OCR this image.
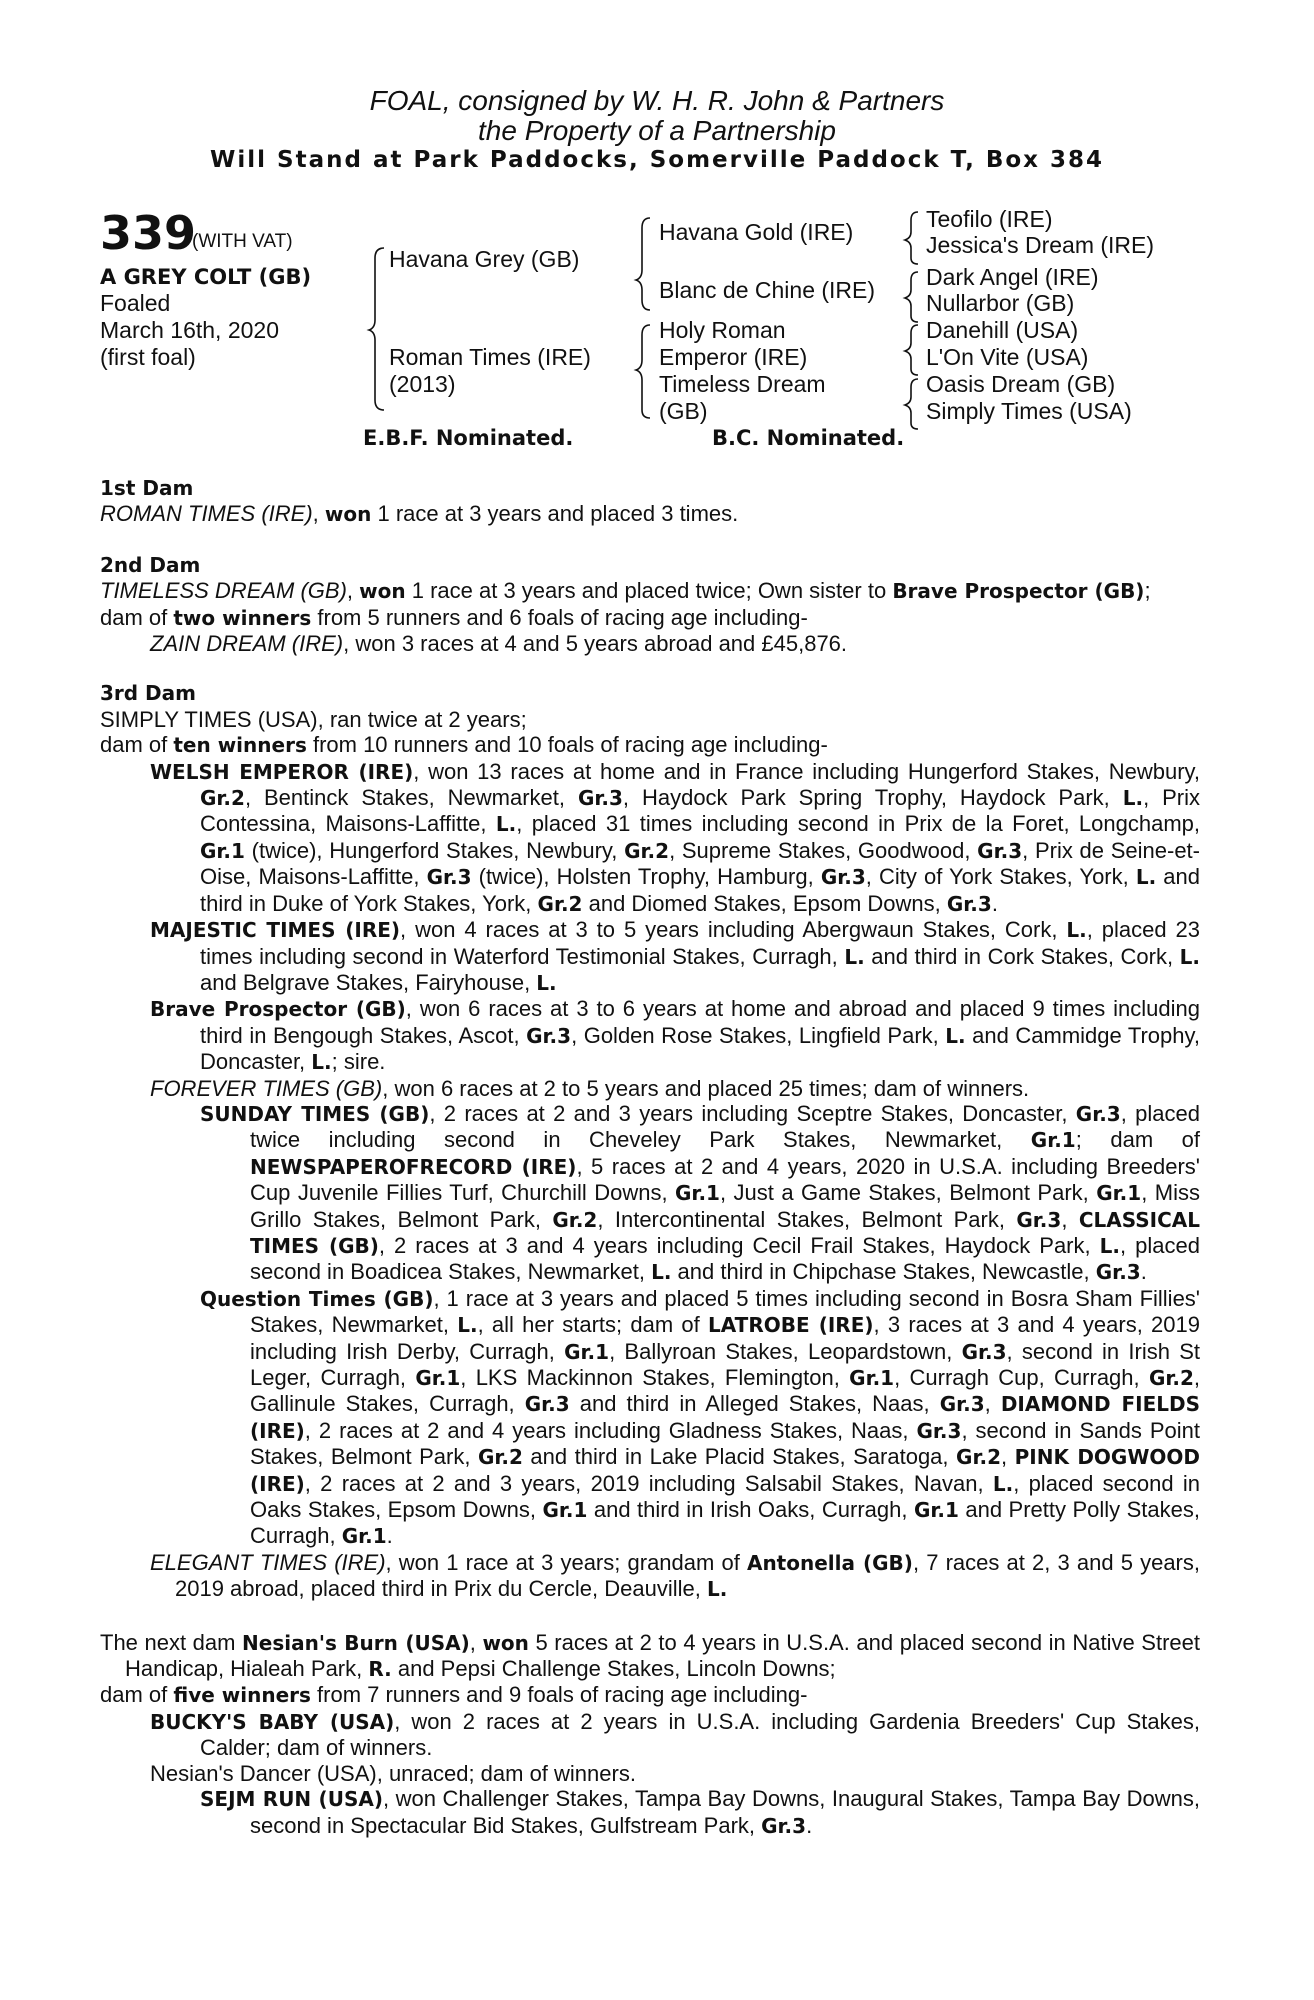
FOAL, consigned by W. H. R. John & Partners
the Property of a Partnership
Will Stand at Park Paddocks, Somerville Paddock T, Box 384
339
(WITH VAT)
A GREY COLT (GB)
Foaled
March 16th, 2020
(first foal)
Havana Grey (GB)
Roman Times (IRE)
(2013)
Havana Gold (IRE)
Blanc de Chine (IRE)
Holy Roman
Emperor (IRE)
Timeless Dream
(GB)
Teofilo (IRE)
Jessica's Dream (IRE)
Dark Angel (IRE)
Nullarbor (GB)
Danehill (USA)
L'On Vite (USA)
Oasis Dream (GB)
Simply Times (USA)
E.B.F. Nominated.	B.C. Nominated.
1st Dam
ROMAN TIMES (IRE), won 1 race at 3 years and placed 3 times.
2nd Dam
TIMELESS DREAM (GB), won 1 race at 3 years and placed twice; Own sister to Brave Prospector (GB);
dam of two winners from 5 runners and 6 foals of racing age including-
ZAIN DREAM (IRE), won 3 races at 4 and 5 years abroad and £45,876.
3rd Dam
SIMPLY TIMES (USA), ran twice at 2 years;
dam of ten winners from 10 runners and 10 foals of racing age including-
WELSH EMPEROR (IRE), won 13 races at home and in France including Hungerford Stakes, Newbury, Gr.2, Bentinck Stakes, Newmarket, Gr.3, Haydock Park Spring Trophy, Haydock Park, L., Prix Contessina, Maisons-Laffitte, L., placed 31 times including second in Prix de la Foret, Longchamp, Gr.1 (twice), Hungerford Stakes, Newbury, Gr.2, Supreme Stakes, Goodwood, Gr.3, Prix de Seine-et-Oise, Maisons-Laffitte, Gr.3 (twice), Holsten Trophy, Hamburg, Gr.3, City of York Stakes, York, L. and third in Duke of York Stakes, York, Gr.2 and Diomed Stakes, Epsom Downs, Gr.3.
MAJESTIC TIMES (IRE), won 4 races at 3 to 5 years including Abergwaun Stakes, Cork, L., placed 23 times including second in Waterford Testimonial Stakes, Curragh, L. and third in Cork Stakes, Cork, L. and Belgrave Stakes, Fairyhouse, L.
Brave Prospector (GB), won 6 races at 3 to 6 years at home and abroad and placed 9 times including third in Bengough Stakes, Ascot, Gr.3, Golden Rose Stakes, Lingfield Park, L. and Cammidge Trophy, Doncaster, L.; sire.
FOREVER TIMES (GB), won 6 races at 2 to 5 years and placed 25 times; dam of winners.
SUNDAY TIMES (GB), 2 races at 2 and 3 years including Sceptre Stakes, Doncaster, Gr.3, placed twice including second in Cheveley Park Stakes, Newmarket, Gr.1; dam of NEWSPAPEROFRECORD (IRE), 5 races at 2 and 4 years, 2020 in U.S.A. including Breeders' Cup Juvenile Fillies Turf, Churchill Downs, Gr.1, Just a Game Stakes, Belmont Park, Gr.1, Miss Grillo Stakes, Belmont Park, Gr.2, Intercontinental Stakes, Belmont Park, Gr.3, CLASSICAL TIMES (GB), 2 races at 3 and 4 years including Cecil Frail Stakes, Haydock Park, L., placed second in Boadicea Stakes, Newmarket, L. and third in Chipchase Stakes, Newcastle, Gr.3.
Question Times (GB), 1 race at 3 years and placed 5 times including second in Bosra Sham Fillies' Stakes, Newmarket, L., all her starts; dam of LATROBE (IRE), 3 races at 3 and 4 years, 2019 including Irish Derby, Curragh, Gr.1, Ballyroan Stakes, Leopardstown, Gr.3, second in Irish St Leger, Curragh, Gr.1, LKS Mackinnon Stakes, Flemington, Gr.1, Curragh Cup, Curragh, Gr.2, Gallinule Stakes, Curragh, Gr.3 and third in Alleged Stakes, Naas, Gr.3, DIAMOND FIELDS (IRE), 2 races at 2 and 4 years including Gladness Stakes, Naas, Gr.3, second in Sands Point Stakes, Belmont Park, Gr.2 and third in Lake Placid Stakes, Saratoga, Gr.2, PINK DOGWOOD (IRE), 2 races at 2 and 3 years, 2019 including Salsabil Stakes, Navan, L., placed second in Oaks Stakes, Epsom Downs, Gr.1 and third in Irish Oaks, Curragh, Gr.1 and Pretty Polly Stakes, Curragh, Gr.1.
ELEGANT TIMES (IRE), won 1 race at 3 years; grandam of Antonella (GB), 7 races at 2, 3 and 5 years, 2019 abroad, placed third in Prix du Cercle, Deauville, L.
The next dam Nesian's Burn (USA), won 5 races at 2 to 4 years in U.S.A. and placed second in Native Street Handicap, Hialeah Park, R. and Pepsi Challenge Stakes, Lincoln Downs;
dam of five winners from 7 runners and 9 foals of racing age including-
BUCKY'S BABY (USA), won 2 races at 2 years in U.S.A. including Gardenia Breeders' Cup Stakes, Calder; dam of winners.
Nesian's Dancer (USA), unraced; dam of winners.
SEJM RUN (USA), won Challenger Stakes, Tampa Bay Downs, Inaugural Stakes, Tampa Bay Downs, second in Spectacular Bid Stakes, Gulfstream Park, Gr.3.
